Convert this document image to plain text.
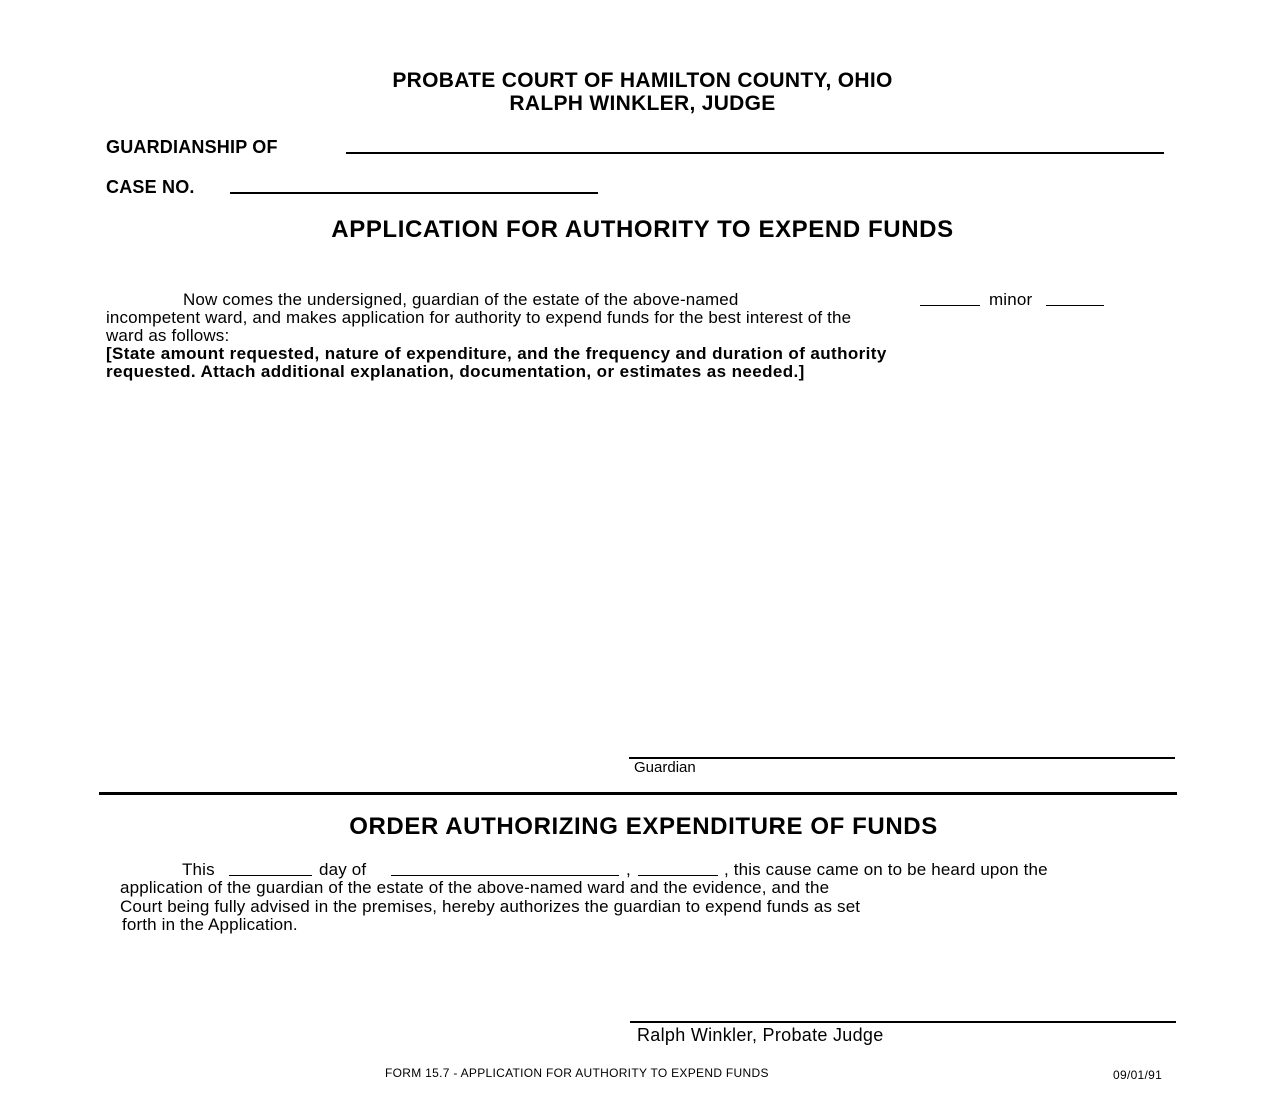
PROBATE COURT OF HAMILTON COUNTY, OHIO
RALPH WINKLER, JUDGE
GUARDIANSHIP OF
CASE NO.
APPLICATION FOR AUTHORITY TO EXPEND FUNDS
Now comes the undersigned, guardian of the estate of the above-named	minor
incompetent ward, and makes application for authority to expend funds for the best interest of the
ward as follows:
[State amount requested, nature of expenditure, and the frequency and duration of authority
requested. Attach additional explanation, documentation, or estimates as needed.]
Guardian
ORDER AUTHORIZING EXPENDITURE OF FUNDS
This	day of	,	, this cause came on to be heard upon the
application of the guardian of the estate of the above-named ward and the evidence, and the
Court being fully advised in the premises, hereby authorizes the guardian to expend funds as set
forth in the Application.
Ralph Winkler, Probate Judge
FORM 15.7 - APPLICATION FOR AUTHORITY TO EXPEND FUNDS	09/01/91
